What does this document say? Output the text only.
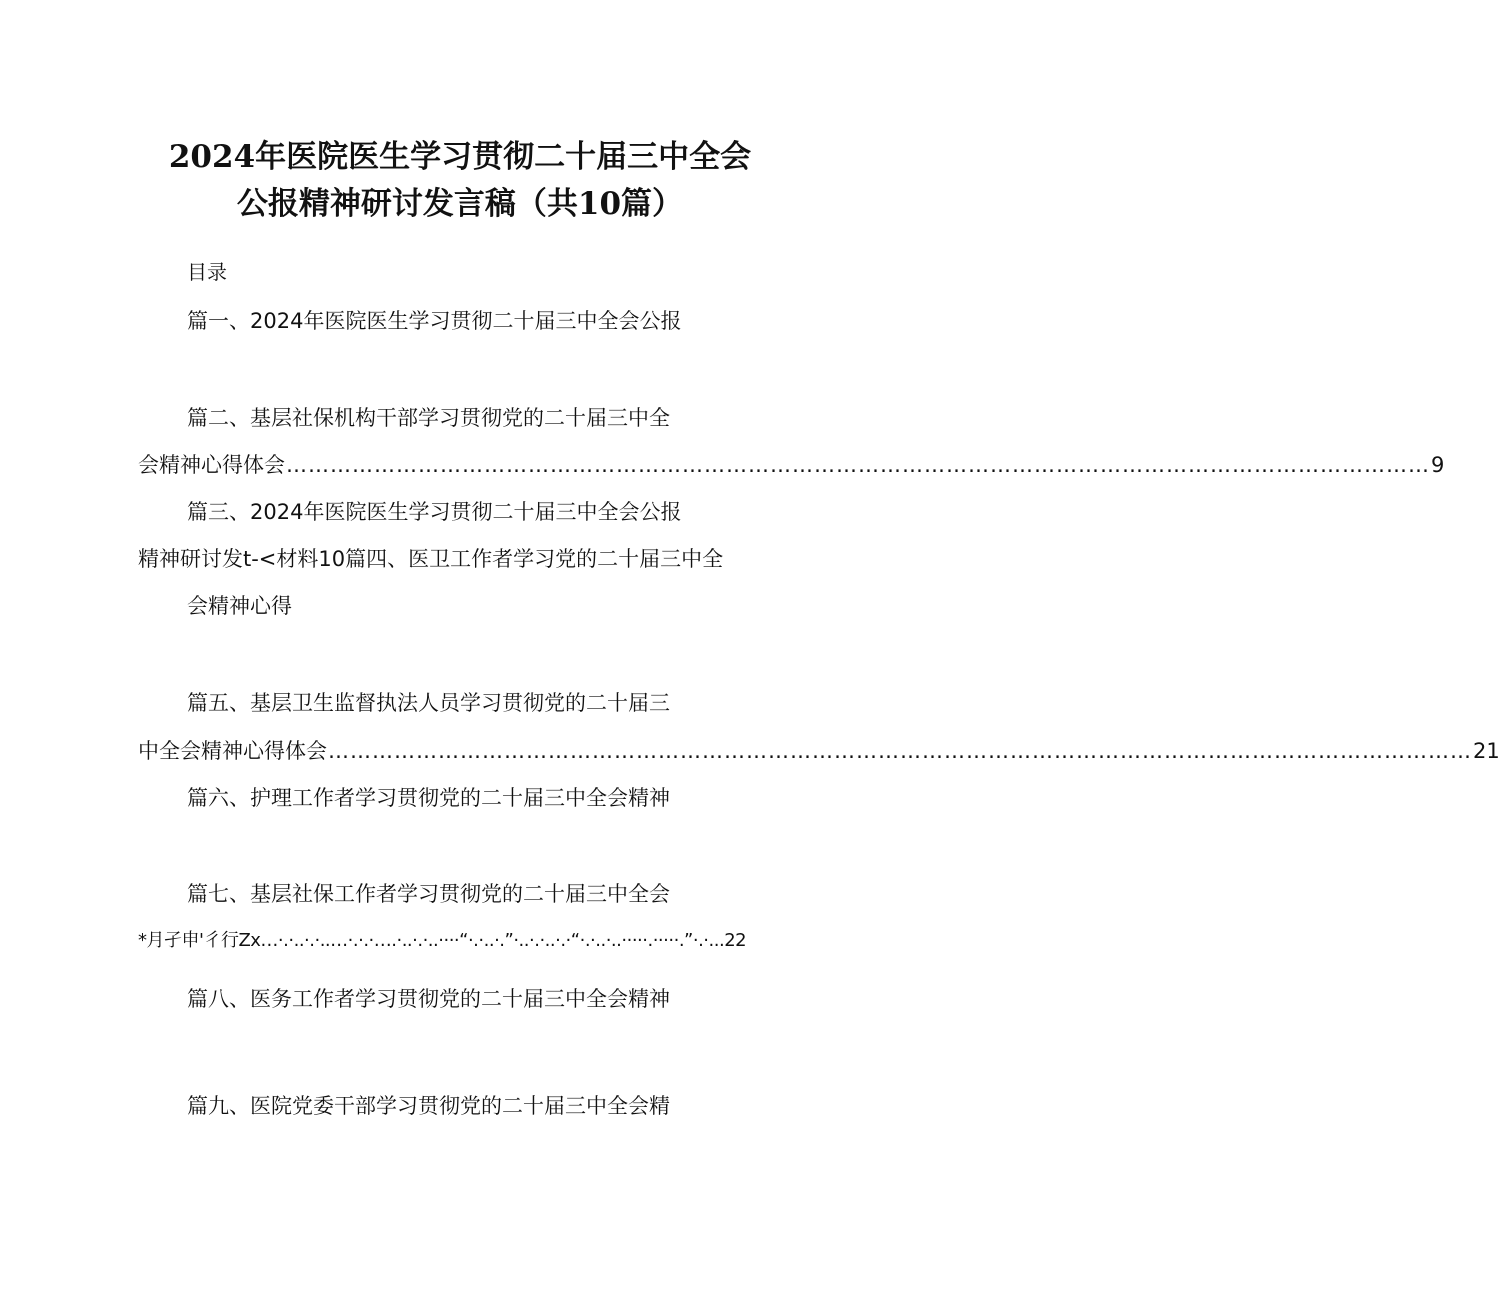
2024年医院医生学习贯彻二十届三中全会
公报精神研讨发言稿（共10篇）
目录
篇一、2024年医院医生学习贯彻二十届三中全会公报
篇二、基层社保机构干部学习贯彻党的二十届三中全
会精神心得体会 ………………………………………………………………………………………………………………………………………… 9
篇三、2024年医院医生学习贯彻二十届三中全会公报
精神研讨发t-<材料10篇四、医卫工作者学习党的二十届三中全
会精神心得
篇五、基层卫生监督执法人员学习贯彻党的二十届三
中全会精神心得体会 ………………………………………………………………………………………………………………………………………… 21
篇六、护理工作者学习贯彻党的二十届三中全会精神
篇七、基层社保工作者学习贯彻党的二十届三中全会
*月孑申'彳行Zx…·.·..·.·..…·.·.·….·..·.·..····“·.·..·.”·..·.·..·.·“·.·..·..·····.·····.”·.·...22
篇八、医务工作者学习贯彻党的二十届三中全会精神
篇九、医院党委干部学习贯彻党的二十届三中全会精
